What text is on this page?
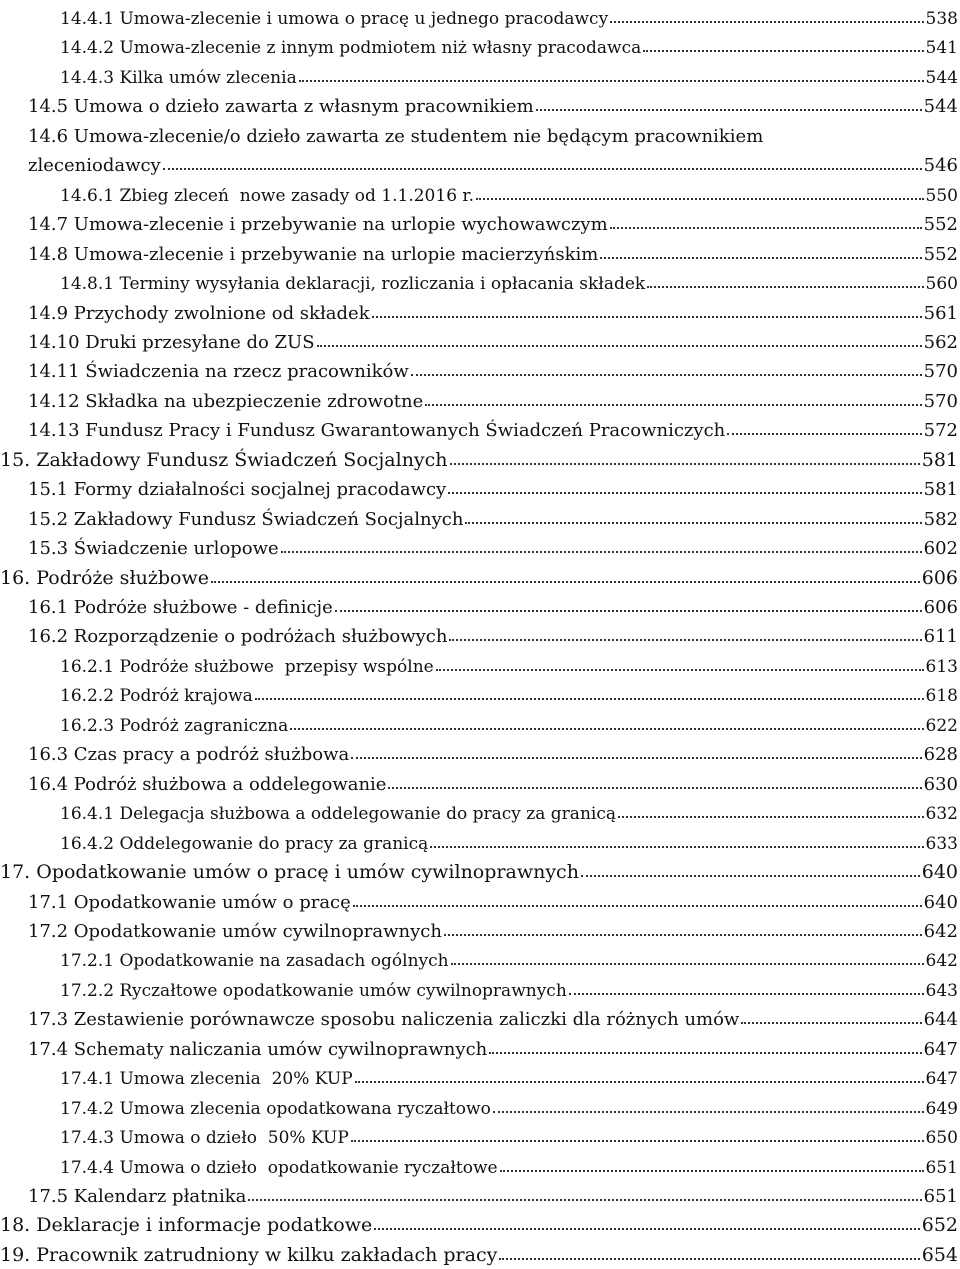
14.4.1 Umowa-zlecenie i umowa o pracę u jednego pracodawcy	538
14.4.2 Umowa-zlecenie z innym podmiotem niż własny pracodawca	541
14.4.3 Kilka umów zlecenia	544
14.5 Umowa o dzieło zawarta z własnym pracownikiem	544
14.6 Umowa-zlecenie/o dzieło zawarta ze studentem nie będącym pracownikiem
zleceniodawcy	546
14.6.1 Zbieg zleceń  nowe zasady od 1.1.2016 r.	550
14.7 Umowa-zlecenie i przebywanie na urlopie wychowawczym	552
14.8 Umowa-zlecenie i przebywanie na urlopie macierzyńskim	552
14.8.1 Terminy wysyłania deklaracji, rozliczania i opłacania składek	560
14.9 Przychody zwolnione od składek	561
14.10 Druki przesyłane do ZUS	562
14.11 Świadczenia na rzecz pracowników	570
14.12 Składka na ubezpieczenie zdrowotne	570
14.13 Fundusz Pracy i Fundusz Gwarantowanych Świadczeń Pracowniczych	572
15. Zakładowy Fundusz Świadczeń Socjalnych	581
15.1 Formy działalności socjalnej pracodawcy	581
15.2 Zakładowy Fundusz Świadczeń Socjalnych	582
15.3 Świadczenie urlopowe	602
16. Podróże służbowe	606
16.1 Podróże służbowe - definicje	606
16.2 Rozporządzenie o podróżach służbowych	611
16.2.1 Podróże służbowe  przepisy wspólne	613
16.2.2 Podróż krajowa	618
16.2.3 Podróż zagraniczna	622
16.3 Czas pracy a podróż służbowa	628
16.4 Podróż służbowa a oddelegowanie	630
16.4.1 Delegacja służbowa a oddelegowanie do pracy za granicą	632
16.4.2 Oddelegowanie do pracy za granicą	633
17. Opodatkowanie umów o pracę i umów cywilnoprawnych	640
17.1 Opodatkowanie umów o pracę	640
17.2 Opodatkowanie umów cywilnoprawnych	642
17.2.1 Opodatkowanie na zasadach ogólnych	642
17.2.2 Ryczałtowe opodatkowanie umów cywilnoprawnych	643
17.3 Zestawienie porównawcze sposobu naliczenia zaliczki dla różnych umów	644
17.4 Schematy naliczania umów cywilnoprawnych	647
17.4.1 Umowa zlecenia  20% KUP	647
17.4.2 Umowa zlecenia opodatkowana ryczałtowo	649
17.4.3 Umowa o dzieło  50% KUP	650
17.4.4 Umowa o dzieło  opodatkowanie ryczałtowe	651
17.5 Kalendarz płatnika	651
18. Deklaracje i informacje podatkowe	652
19. Pracownik zatrudniony w kilku zakładach pracy	654
